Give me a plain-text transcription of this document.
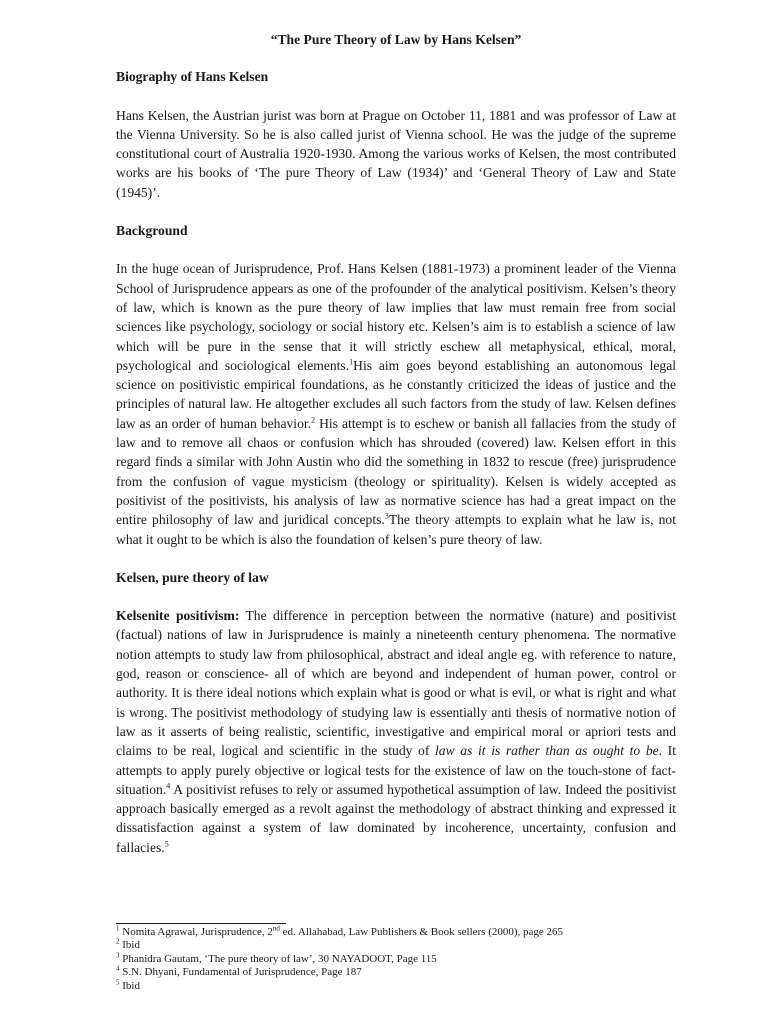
“The Pure Theory of Law by Hans Kelsen”
Biography of Hans Kelsen

Hans Kelsen, the Austrian jurist was born at Prague on October 11, 1881 and was professor of Law at the Vienna University. So he is also called jurist of Vienna school. He was the judge of the supreme constitutional court of Australia 1920-1930. Among the various works of Kelsen, the most contributed works are his books of ‘The pure Theory of Law (1934)’ and ‘General Theory of Law and State (1945)’.

Background

In the huge ocean of Jurisprudence, Prof. Hans Kelsen (1881-1973) a prominent leader of the Vienna School of Jurisprudence appears as one of the profounder of the analytical positivism. Kelsen’s theory of law, which is known as the pure theory of law implies that law must remain free from social sciences like psychology, sociology or social history etc. Kelsen’s aim is to establish a science of law which will be pure in the sense that it will strictly eschew all metaphysical, ethical, moral, psychological and sociological elements.$^1$His aim goes beyond establishing an autonomous legal science on positivistic empirical foundations, as he constantly criticized the ideas of justice and the principles of natural law. He altogether excludes all such factors from the study of law. Kelsen defines law as an order of human behavior.$^2$ His attempt is to eschew or banish all fallacies from the study of law and to remove all chaos or confusion which has shrouded (covered) law. Kelsen effort in this regard finds a similar with John Austin who did the something in 1832 to rescue (free) jurisprudence from the confusion of vague mysticism (theology or spirituality). Kelsen is widely accepted as positivist of the positivists, his analysis of law as normative science has had a great impact on the entire philosophy of law and juridical concepts.$^3$The theory attempts to explain what he law is, not what it ought to be which is also the foundation of kelsen’s pure theory of law.

Kelsen, pure theory of law

Kelsenite positivism: The difference in perception between the normative (nature) and positivist (factual) nations of law in Jurisprudence is mainly a nineteenth century phenomena. The normative notion attempts to study law from philosophical, abstract and ideal angle eg. with reference to nature, god, reason or conscience- all of which are beyond and independent of human power, control or authority. It is there ideal notions which explain what is good or what is evil, or what is right and what is wrong. The positivist methodology of studying law is essentially anti thesis of normative notion of law as it asserts of being realistic, scientific, investigative and empirical moral or apriori tests and claims to be real, logical and scientific in the study of law as it is rather than as ought to be. It attempts to apply purely objective or logical tests for the existence of law on the touch-stone of fact-situation.$^4$ A positivist refuses to rely or assumed hypothetical assumption of law. Indeed the positivist approach basically emerged as a revolt against the methodology of abstract thinking and expressed it dissatisfaction against a system of law dominated by incoherence, uncertainty, confusion and fallacies.$^5$

$^1$ Nomita Agrawal, Jurisprudence, 2nd ed. Allahabad, Law Publishers & Book sellers (2000), page 265
$^2$ Ibid
$^3$ Phanidra Gautam, ‘The pure theory of law’, 30 NAYADOOT, Page 115
$^4$ S.N. Dhyani, Fundamental of Jurisprudence, Page 187
$^5$ Ibid
